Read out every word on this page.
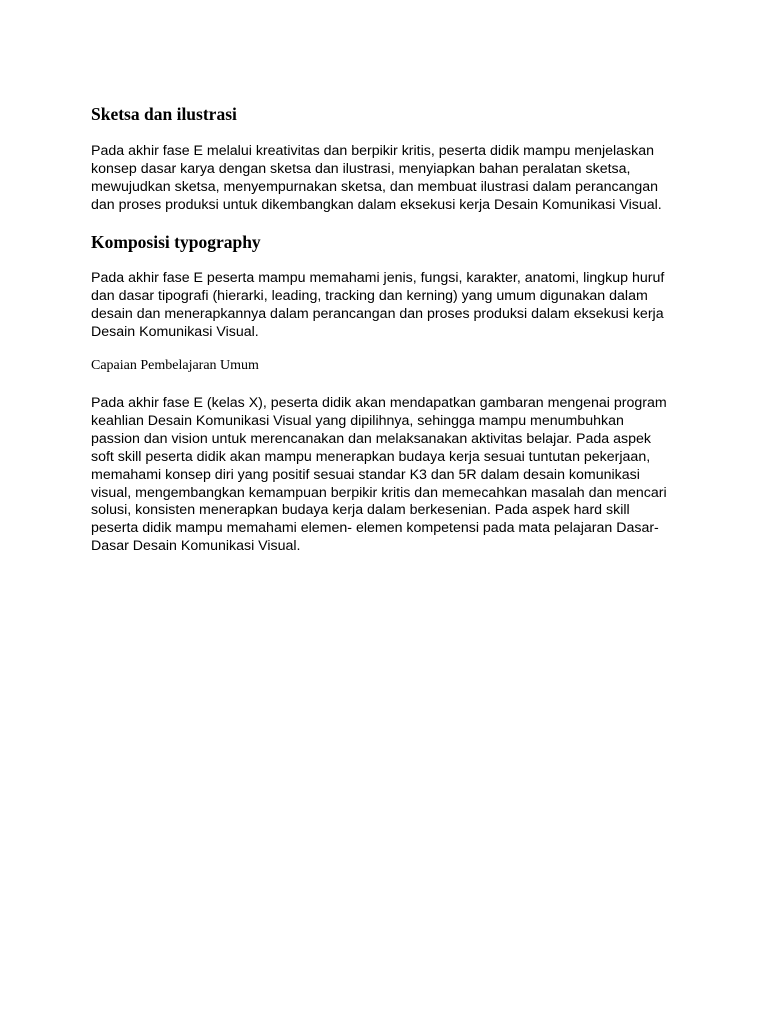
Sketsa dan ilustrasi
Pada akhir fase E melalui kreativitas dan berpikir kritis, peserta didik mampu menjelaskan
konsep dasar karya dengan sketsa dan ilustrasi, menyiapkan bahan peralatan sketsa,
mewujudkan sketsa, menyempurnakan sketsa, dan membuat ilustrasi dalam perancangan
dan proses produksi untuk dikembangkan dalam eksekusi kerja Desain Komunikasi Visual.
Komposisi typography
Pada akhir fase E peserta mampu memahami jenis, fungsi, karakter, anatomi, lingkup huruf
dan dasar tipografi (hierarki, leading, tracking dan kerning) yang umum digunakan dalam
desain dan menerapkannya dalam perancangan dan proses produksi dalam eksekusi kerja
Desain Komunikasi Visual.
Capaian Pembelajaran Umum
Pada akhir fase E (kelas X), peserta didik akan mendapatkan gambaran mengenai program
keahlian Desain Komunikasi Visual yang dipilihnya, sehingga mampu menumbuhkan
passion dan vision untuk merencanakan dan melaksanakan aktivitas belajar. Pada aspek
soft skill peserta didik akan mampu menerapkan budaya kerja sesuai tuntutan pekerjaan,
memahami konsep diri yang positif sesuai standar K3 dan 5R dalam desain komunikasi
visual, mengembangkan kemampuan berpikir kritis dan memecahkan masalah dan mencari
solusi, konsisten menerapkan budaya kerja dalam berkesenian. Pada aspek hard skill
peserta didik mampu memahami elemen- elemen kompetensi pada mata pelajaran Dasar-
Dasar Desain Komunikasi Visual.
